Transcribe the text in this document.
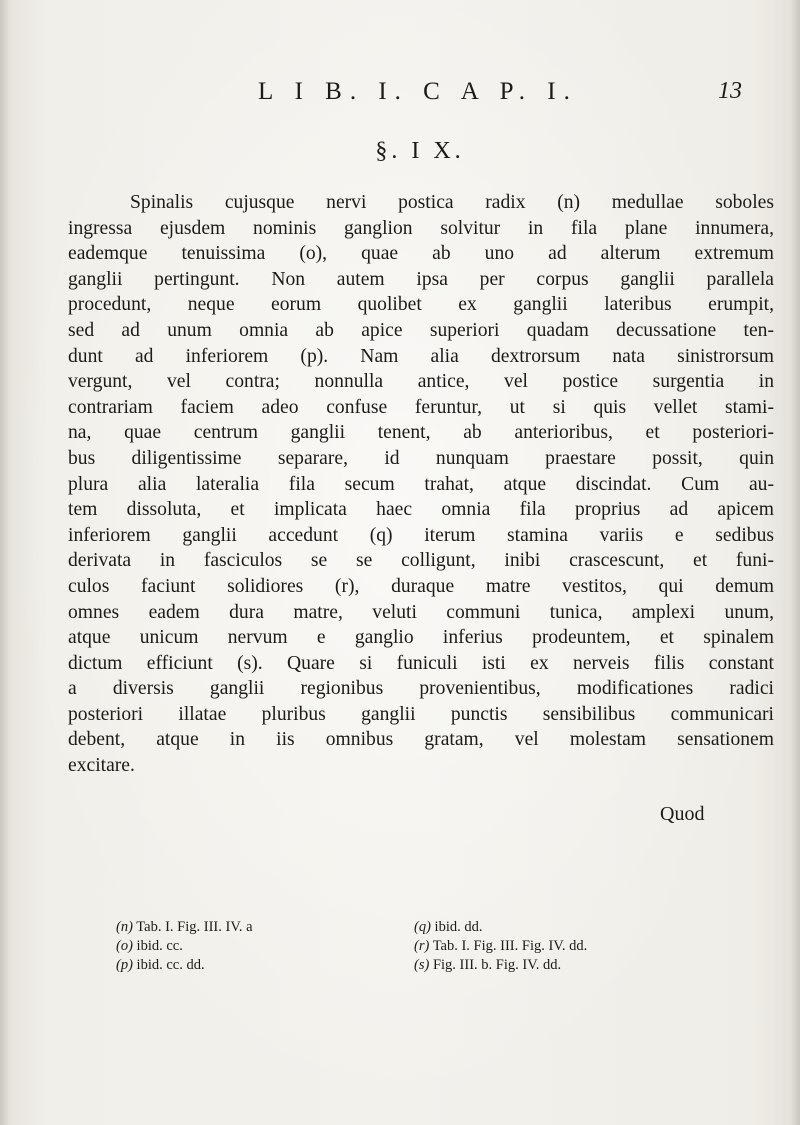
L I B. I. C A P. I.	13
§. I X.
Spinalis cujusque nervi postica radix (n) medullae soboles
ingressa ejusdem nominis ganglion solvitur in fila plane innumera,
eademque tenuissima (o), quae ab uno ad alterum extremum
ganglii pertingunt. Non autem ipsa per corpus ganglii parallela
procedunt, neque eorum quolibet ex ganglii lateribus erumpit,
sed ad unum omnia ab apice superiori quadam decussatione ten-
dunt ad inferiorem (p). Nam alia dextrorsum nata sinistrorsum
vergunt, vel contra; nonnulla antice, vel postice surgentia in
contrariam faciem adeo confuse feruntur, ut si quis vellet stami-
na, quae centrum ganglii tenent, ab anterioribus, et posteriori-
bus diligentissime separare, id nunquam praestare possit, quin
plura alia lateralia fila secum trahat, atque discindat. Cum au-
tem dissoluta, et implicata haec omnia fila proprius ad apicem
inferiorem ganglii accedunt (q) iterum stamina variis e sedibus
derivata in fasciculos se se colligunt, inibi crascescunt, et funi-
culos faciunt solidiores (r), duraque matre vestitos, qui demum
omnes eadem dura matre, veluti communi tunica, amplexi unum,
atque unicum nervum e ganglio inferius prodeuntem, et spinalem
dictum efficiunt (s). Quare si funiculi isti ex nerveis filis constant
a diversis ganglii regionibus provenientibus, modificationes radici
posteriori illatae pluribus ganglii punctis sensibilibus communicari
debent, atque in iis omnibus gratam, vel molestam sensationem
excitare.
Quod
(n) Tab. I. Fig. III. IV. a
(o) ibid. cc.
(p) ibid. cc. dd.
(q) ibid. dd.
(r) Tab. I. Fig. III. Fig. IV. dd.
(s) Fig. III. b. Fig. IV. dd.
